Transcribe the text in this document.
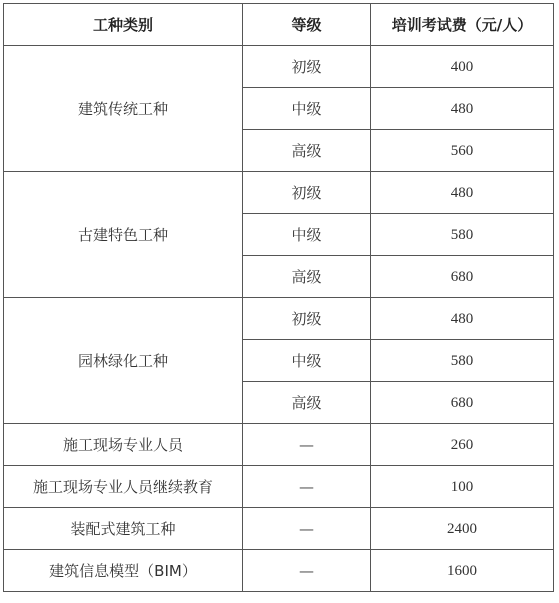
工种类别	等级	培训考试费（元/人）
建筑传统工种	初级	400
	中级	480
	高级	560
古建特色工种	初级	480
	中级	580
	高级	680
园林绿化工种	初级	480
	中级	580
	高级	680
施工现场专业人员	—	260
施工现场专业人员继续教育	—	100
装配式建筑工种	—	2400
建筑信息模型（BIM）	—	1600
